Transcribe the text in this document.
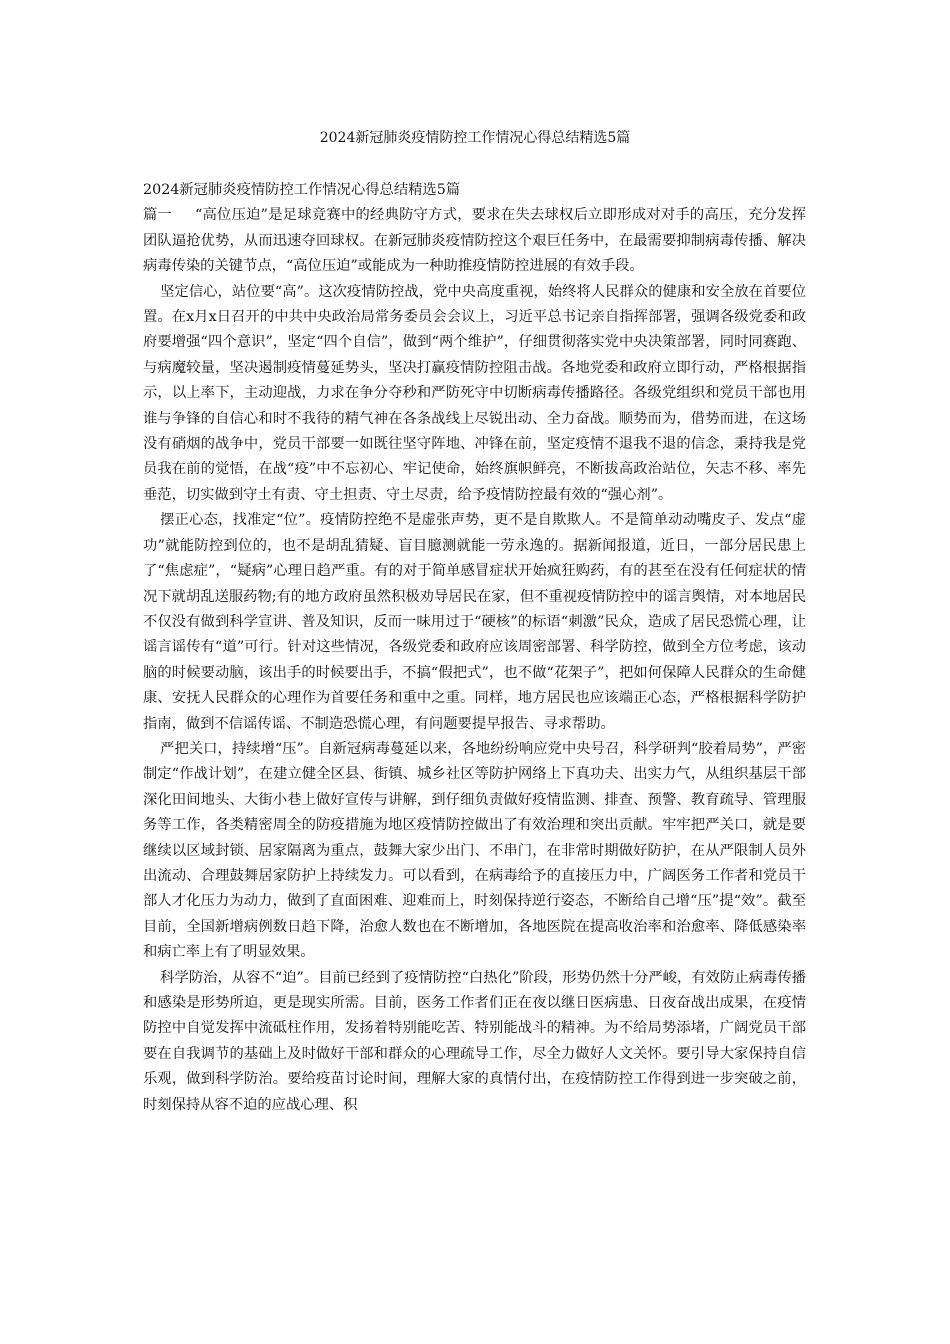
2024新冠肺炎疫情防控工作情况心得总结精选5篇

2024新冠肺炎疫情防控工作情况心得总结精选5篇

篇一 “高位压迫”是足球竞赛中的经典防守方式，要求在失去球权后立即形成对对手的高压，充分发挥团队逼抢优势，从而迅速夺回球权。在新冠肺炎疫情防控这个艰巨任务中，在最需要抑制病毒传播、解决病毒传染的关键节点，“高位压迫”或能成为一种助推疫情防控进展的有效手段。

坚定信心，站位要“高”。这次疫情防控战，党中央高度重视，始终将人民群众的健康和安全放在首要位置。在x月x日召开的中共中央政治局常务委员会会议上，习近平总书记亲自指挥部署，强调各级党委和政府要增强“四个意识”，坚定“四个自信”，做到“两个维护”，仔细贯彻落实党中央决策部署，同时同赛跑、与病魔较量，坚决遏制疫情蔓延势头，坚决打赢疫情防控阻击战。各地党委和政府立即行动，严格根据指示，以上率下，主动迎战，力求在争分夺秒和严防死守中切断病毒传播路径。各级党组织和党员干部也用谁与争锋的自信心和时不我待的精气神在各条战线上尽锐出动、全力奋战。顺势而为，借势而进，在这场没有硝烟的战争中，党员干部要一如既往坚守阵地、冲锋在前，坚定疫情不退我不退的信念，秉持我是党员我在前的觉悟，在战“疫”中不忘初心、牢记使命，始终旗帜鲜亮，不断拔高政治站位，矢志不移、率先垂范，切实做到守土有责、守土担责、守土尽责，给予疫情防控最有效的“强心剂”。

摆正心态，找准定“位”。疫情防控绝不是虚张声势，更不是自欺欺人。不是简单动动嘴皮子、发点“虚功”就能防控到位的，也不是胡乱猜疑、盲目臆测就能一劳永逸的。据新闻报道，近日，一部分居民患上了“焦虑症”，“疑病”心理日趋严重。有的对于简单感冒症状开始疯狂购药，有的甚至在没有任何症状的情况下就胡乱送服药物;有的地方政府虽然积极劝导居民在家，但不重视疫情防控中的谣言舆情，对本地居民不仅没有做到科学宣讲、普及知识，反而一味用过于“硬核”的标语“刺激”民众，造成了居民恐慌心理，让谣言谣传有“道”可行。针对这些情况，各级党委和政府应该周密部署、科学防控，做到全方位考虑，该动脑的时候要动脑，该出手的时候要出手，不搞“假把式”，也不做“花架子”，把如何保障人民群众的生命健康、安抚人民群众的心理作为首要任务和重中之重。同样，地方居民也应该端正心态，严格根据科学防护指南，做到不信谣传谣、不制造恐慌心理，有问题要提早报告、寻求帮助。

严把关口，持续增“压”。自新冠病毒蔓延以来，各地纷纷响应党中央号召，科学研判“胶着局势”，严密制定“作战计划”，在建立健全区县、街镇、城乡社区等防护网络上下真功夫、出实力气，从组织基层干部深化田间地头、大街小巷上做好宣传与讲解，到仔细负责做好疫情监测、排查、预警、教育疏导、管理服务等工作，各类精密周全的防疫措施为地区疫情防控做出了有效治理和突出贡献。牢牢把严关口，就是要继续以区域封锁、居家隔离为重点，鼓舞大家少出门、不串门，在非常时期做好防护，在从严限制人员外出流动、合理鼓舞居家防护上持续发力。可以看到，在病毒给予的直接压力中，广阔医务工作者和党员干部人才化压力为动力，做到了直面困难、迎难而上，时刻保持逆行姿态，不断给自己增“压”提“效”。截至目前，全国新增病例数日趋下降，治愈人数也在不断增加，各地医院在提高收治率和治愈率、降低感染率和病亡率上有了明显效果。

科学防治，从容不“迫”。目前已经到了疫情防控“白热化”阶段，形势仍然十分严峻，有效防止病毒传播和感染是形势所迫，更是现实所需。目前，医务工作者们正在夜以继日医病患、日夜奋战出成果，在疫情防控中自觉发挥中流砥柱作用，发扬着特别能吃苦、特别能战斗的精神。为不给局势添堵，广阔党员干部要在自我调节的基础上及时做好干部和群众的心理疏导工作，尽全力做好人文关怀。要引导大家保持自信乐观，做到科学防治。要给疫苗讨论时间，理解大家的真情付出，在疫情防控工作得到进一步突破之前，时刻保持从容不迫的应战心理、积
